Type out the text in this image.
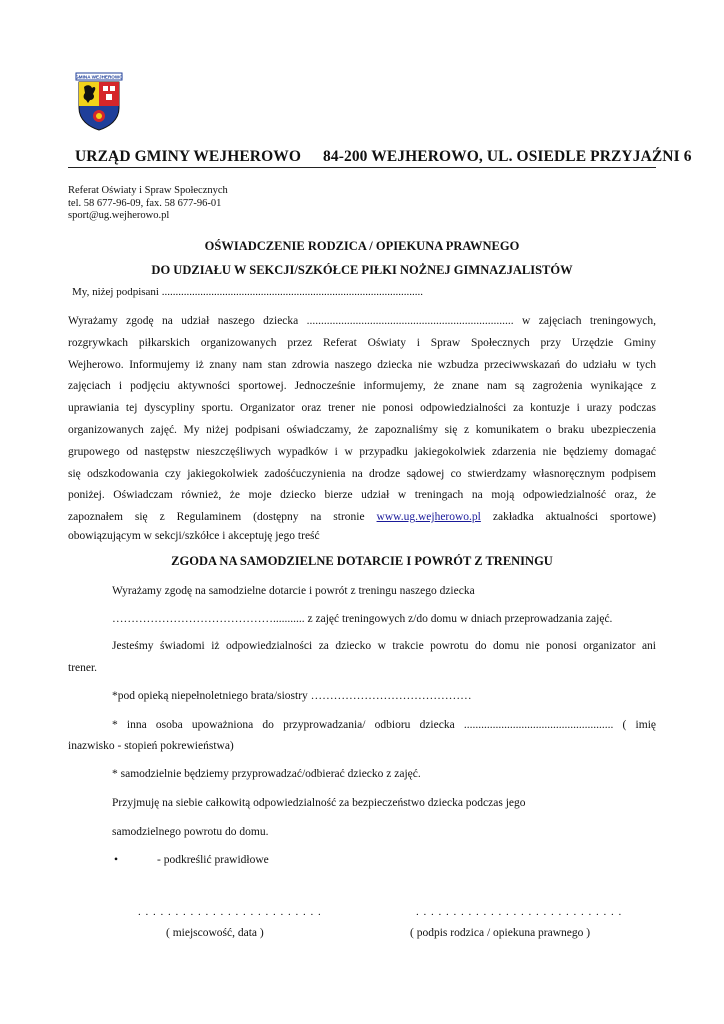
GMINA WEJHEROWO
URZĄD GMINY WEJHEROWO 84-200 WEJHEROWO, UL. OSIEDLE PRZYJAŹNI 6
Referat Oświaty i Spraw Społecznych
tel. 58 677-96-09, fax. 58 677-96-01
sport@ug.wejherowo.pl
OŚWIADCZENIE RODZICA / OPIEKUNA PRAWNEGO
DO UDZIAŁU W SEKCJI/SZKÓŁCE PIŁKI NOŻNEJ GIMNAZJALISTÓW
My, niżej podpisani ...............................................................................................
Wyrażamy zgodę na udział naszego dziecka ........................................................................ w zajęciach treningowych,
rozgrywkach piłkarskich organizowanych przez Referat Oświaty i Spraw Społecznych przy Urzędzie Gminy
Wejherowo. Informujemy iż znany nam stan zdrowia naszego dziecka nie wzbudza przeciwwskazań do udziału w tych
zajęciach i podjęciu aktywności sportowej. Jednocześnie informujemy, że znane nam są zagrożenia wynikające z
uprawiania tej dyscypliny sportu. Organizator oraz trener nie ponosi odpowiedzialności za kontuzje i urazy podczas
organizowanych zajęć. My niżej podpisani oświadczamy, że zapoznaliśmy się z komunikatem o braku ubezpieczenia
grupowego od następstw nieszczęśliwych wypadków i w przypadku jakiegokolwiek zdarzenia nie będziemy domagać
się odszkodowania czy jakiegokolwiek zadośćuczynienia na drodze sądowej co stwierdzamy własnoręcznym podpisem
poniżej. Oświadczam również, że moje dziecko bierze udział w treningach na moją odpowiedzialność oraz, że
zapoznałem się z Regulaminem (dostępny na stronie www.ug.wejherowo.pl zakładka aktualności sportowe)
obowiązującym w sekcji/szkółce i akceptuję jego treść
ZGODA NA SAMODZIELNE DOTARCIE I POWRÓT Z TRENINGU
Wyrażamy zgodę na samodzielne dotarcie i powrót z treningu naszego dziecka
……………………………………........... z zajęć treningowych z/do domu w dniach przeprowadzania zajęć.
Jesteśmy świadomi iż odpowiedzialności za dziecko w trakcie powrotu do domu nie ponosi organizator ani
trener.
*pod opieką niepełnoletniego brata/siostry ……………………………………
* inna osoba upoważniona do przyprowadzania/ odbioru dziecka .................................................... ( imię
inazwisko - stopień pokrewieństwa)
* samodzielnie będziemy przyprowadzać/odbierać dziecko z zajęć.
Przyjmuję na siebie całkowitą odpowiedzialność za bezpieczeństwo dziecka podczas jego
samodzielnego powrotu do domu.
•	- podkreślić prawidłowe
. . . . . . . . . . . . . . . . . . . . . . . . .
( miejscowość, data )
. . . . . . . . . . . . . . . . . . . . . . . . . . . .
( podpis rodzica / opiekuna prawnego )
